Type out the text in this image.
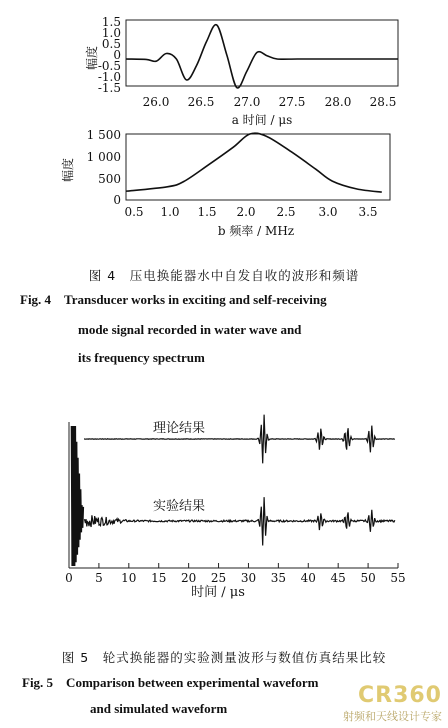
幅度
1.5
1.0
0.5
0
-0.5
-1.0
-1.5
26.0 26.5 27.0 27.5 28.0 28.5
a 时间 / μs
幅度
1 500
1 000
500
0
0.5 1.0 1.5 2.0 2.5 3.0 3.5
b 频率 / MHz
图 4　压电换能器水中自发自收的波形和频谱
Fig. 4　Transducer works in exciting and self-receiving
mode signal recorded in water wave and
its frequency spectrum
0 5 10 15 20 25 30 35 40 45 50 55
理论结果
实验结果
时间 / μs
图 5　轮式换能器的实验测量波形与数值仿真结果比较
Fig. 5　Comparison between experimental waveform
and simulated waveform
CR360
射频和天线设计专家
